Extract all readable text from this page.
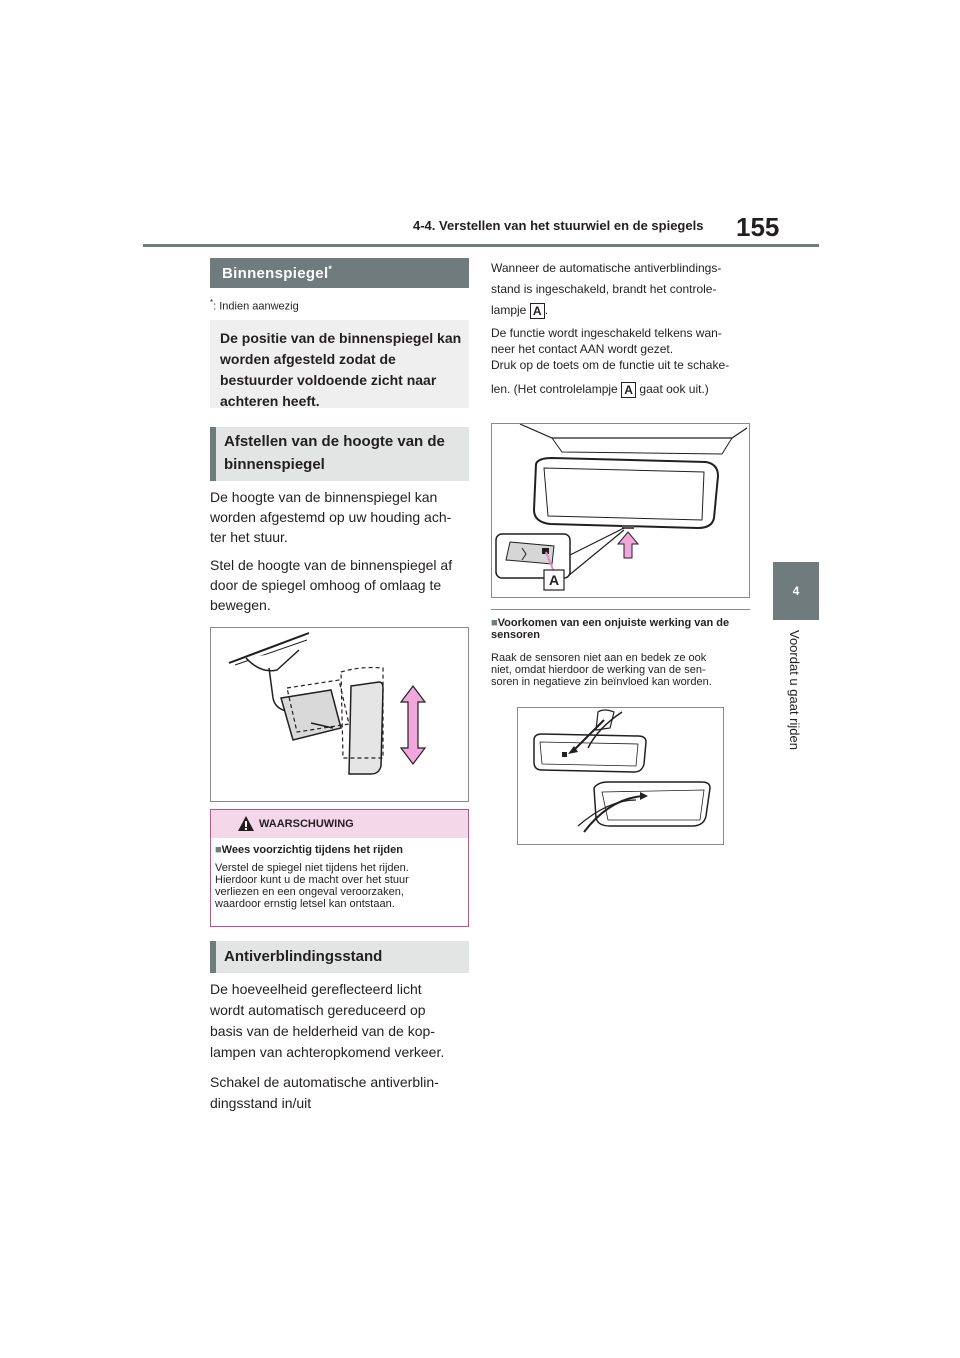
4-4. Verstellen van het stuurwiel en de spiegels 155
4
Voordat u gaat rijden
Binnenspiegel*
*: Indien aanwezig

De positie van de binnenspiegel kan worden afgesteld zodat de bestuurder voldoende zicht naar achteren heeft.

Afstellen van de hoogte van de binnenspiegel

De hoogte van de binnenspiegel kan
worden afgestemd op uw houding ach-
ter het stuur.

Stel de hoogte van de binnenspiegel af
door de spiegel omhoog of omlaag te
bewegen.

WAARSCHUWING
■Wees voorzichtig tijdens het rijden
Verstel de spiegel niet tijdens het rijden.
Hierdoor kunt u de macht over het stuur
verliezen en een ongeval veroorzaken,
waardoor ernstig letsel kan ontstaan.
Antiverblindingsstand

De hoeveelheid gereflecteerd licht
wordt automatisch gereduceerd op
basis van de helderheid van de kop-
lampen van achteropkomend verkeer.

Schakel de automatische antiverblin-
dingsstand in/uit

Wanneer de automatische antiverblindings-
stand is ingeschakeld, brandt het controle-
lampje A .

De functie wordt ingeschakeld telkens wan-
neer het contact AAN wordt gezet.
Druk op de toets om de functie uit te schake-

len. (Het controlelampje A gaat ook uit.)

A
■Voorkomen van een onjuiste werking van de sensoren
Raak de sensoren niet aan en bedek ze ook
niet, omdat hierdoor de werking van de sen-
soren in negatieve zin beïnvloed kan worden.
